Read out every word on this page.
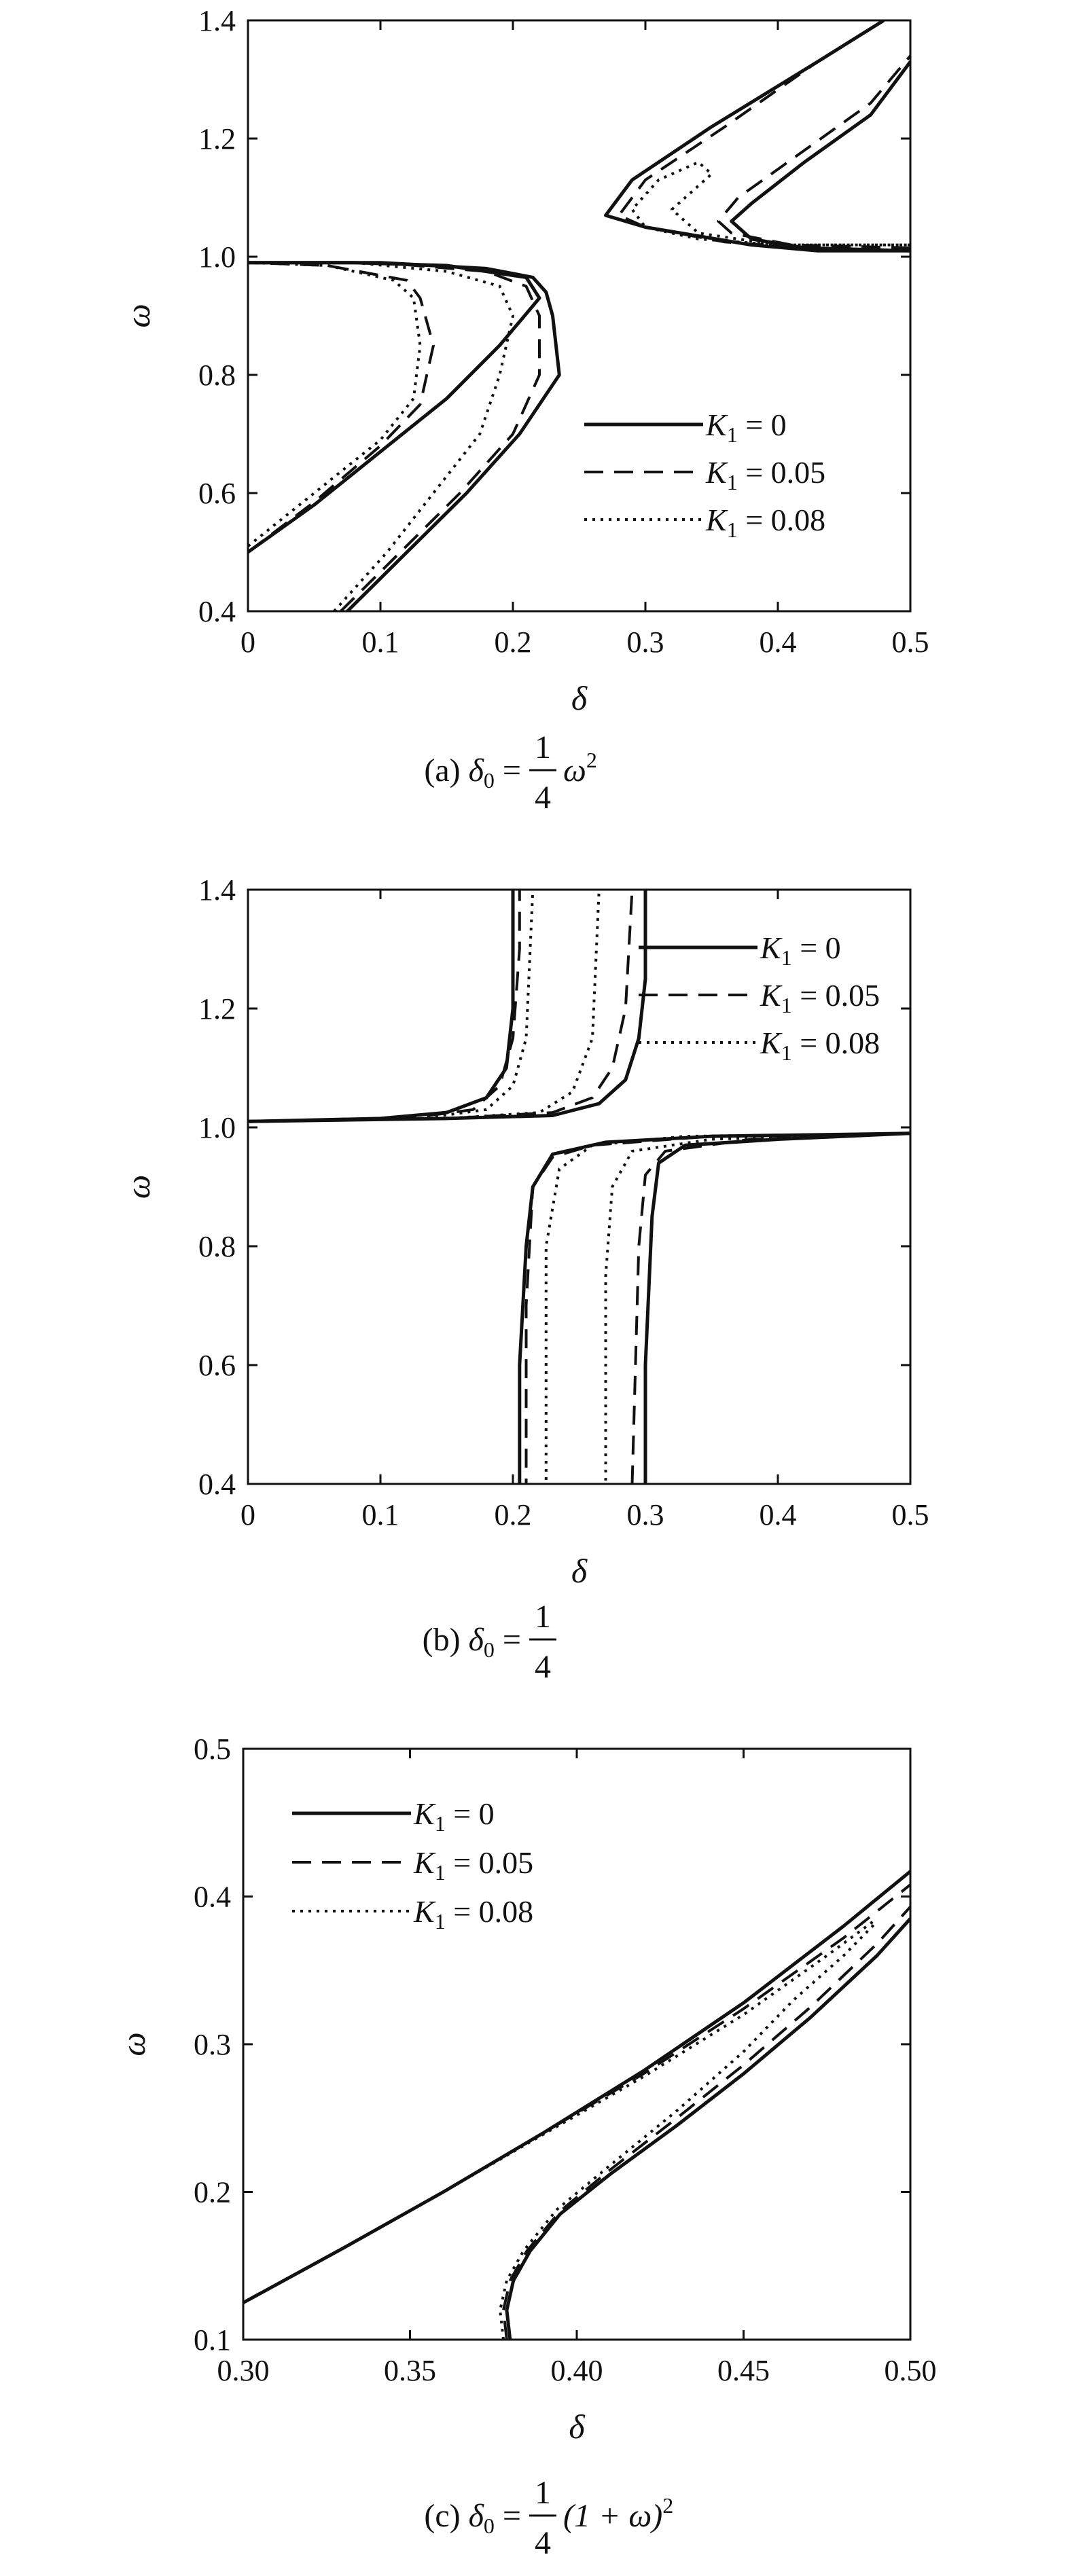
0	0.1	0.2	0.3	0.4	0.5
0.4
0.6
0.8
1.0
1.2
1.4
δ
ω
$K_1 = 0$
$K_1 = 0.05$
$K_1 = 0.08$
(a) $\delta_0$ =
1
4
$\omega^2$
0	0.1	0.2	0.3	0.4	0.5
0.4
0.6
0.8
1.0
1.2
1.4
δ
ω
$K_1 = 0$
$K_1 = 0.05$
$K_1 = 0.08$
(b) $\delta_0$ =
1
4
0.30	0.35	0.40	0.45	0.50
0.1
0.2
0.3
0.4
0.5
δ
ω
$K_1 = 0$
$K_1 = 0.05$
$K_1 = 0.08$
(c) $\delta_0$ =
1
4
$(1 + \omega)^2$
